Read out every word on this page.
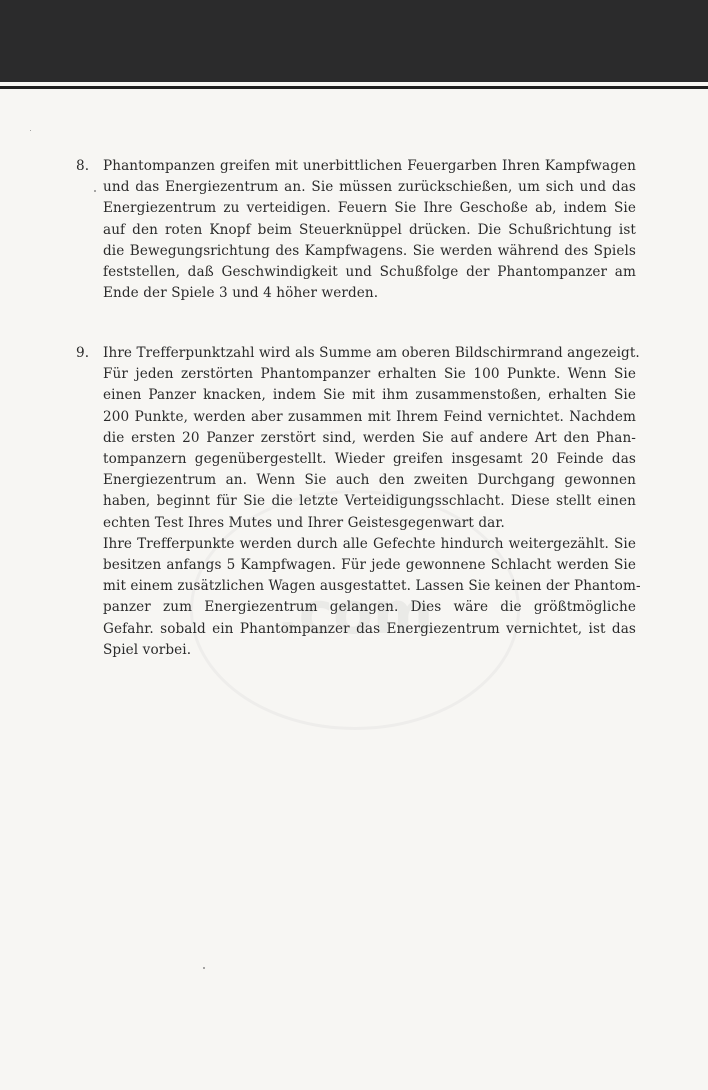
.com
8. Phantompanzen greifen mit unerbittlichen Feuergarben Ihren Kampfwagen
und das Energiezentrum an. Sie müssen zurückschießen, um sich und das
Energiezentrum zu verteidigen. Feuern Sie Ihre Geschoße ab, indem Sie
auf den roten Knopf beim Steuerknüppel drücken. Die Schußrichtung ist
die Bewegungsrichtung des Kampfwagens. Sie werden während des Spiels
feststellen, daß Geschwindigkeit und Schußfolge der Phantompanzer am
Ende der Spiele 3 und 4 höher werden.
9. Ihre Trefferpunktzahl wird als Summe am oberen Bildschirmrand angezeigt.
Für jeden zerstörten Phantompanzer erhalten Sie 100 Punkte. Wenn Sie
einen Panzer knacken, indem Sie mit ihm zusammenstoßen, erhalten Sie
200 Punkte, werden aber zusammen mit Ihrem Feind vernichtet. Nachdem
die ersten 20 Panzer zerstört sind, werden Sie auf andere Art den Phan-
tompanzern gegenübergestellt. Wieder greifen insgesamt 20 Feinde das
Energiezentrum an. Wenn Sie auch den zweiten Durchgang gewonnen
haben, beginnt für Sie die letzte Verteidigungsschlacht. Diese stellt einen
echten Test Ihres Mutes und Ihrer Geistesgegenwart dar.
Ihre Trefferpunkte werden durch alle Gefechte hindurch weitergezählt. Sie
besitzen anfangs 5 Kampfwagen. Für jede gewonnene Schlacht werden Sie
mit einem zusätzlichen Wagen ausgestattet. Lassen Sie keinen der Phantom-
panzer zum Energiezentrum gelangen. Dies wäre die größtmögliche
Gefahr. sobald ein Phantompanzer das Energiezentrum vernichtet, ist das
Spiel vorbei.
